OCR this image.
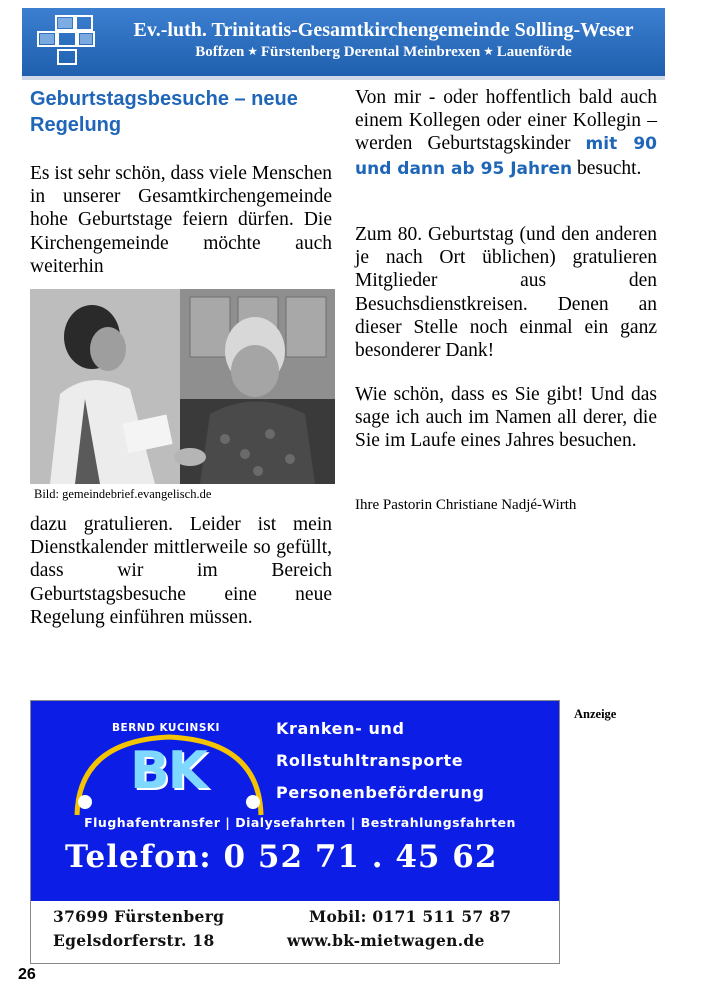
Ev.-luth. Trinitatis-Gesamtkirchengemeinde Solling-Weser
Boffzen ★ Fürstenberg Derental Meinbrexen ★ Lauenförde
Geburtstagsbesuche – neue Regelung

Es ist sehr schön, dass viele Menschen in unserer Gesamtkirchengemeinde hohe Geburtstage feiern dürfen. Die Kirchengemeinde möchte auch weiterhin

Bild: gemeindebrief.evangelisch.de

dazu gratulieren. Leider ist mein Dienstkalender mittlerweile so gefüllt, dass wir im Bereich Geburtstagsbesuche eine neue Regelung einführen müssen.

Von mir - oder hoffentlich bald auch einem Kollegen oder einer Kollegin – werden Geburtstagskinder mit 90 und dann ab 95 Jahren besucht.

Zum 80. Geburtstag (und den anderen je nach Ort üblichen) gratulieren Mitglieder aus den Besuchsdienstkreisen. Denen an dieser Stelle noch einmal ein ganz besonderer Dank!

Wie schön, dass es Sie gibt! Und das sage ich auch im Namen all derer, die Sie im Laufe eines Jahres besuchen.

Ihre Pastorin Christiane Nadjé-Wirth

Anzeige
BERND KUCINSKI
BK
Kranken- und
Rollstuhltransporte
Personenbeförderung
Flughafentransfer | Dialysefahrten | Bestrahlungsfahrten
Telefon: 0 52 71 . 45 62
37699 Fürstenberg
Egelsdorferstr. 18
Mobil: 0171 511 57 87
www.bk-mietwagen.de
26
